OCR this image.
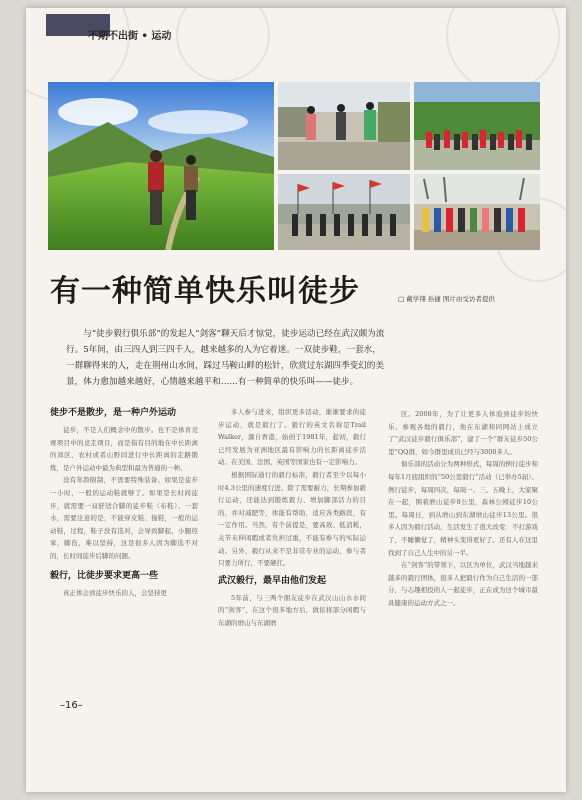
不期不出街 • 运动
有一种简单快乐叫徒步	□ 戴学翔 孙捷 图片由受访者提供
与“徒步毅行俱乐部”的发起人“剑客”聊天后才惊觉，徒步运动已经在武汉颇为流行。5年间，由三四人到三四千人，越来越多的人为它着迷。一双徒步鞋，一套水，一群聊得来的人，走在荆州山水间，踩过马鞍山畔的松针，欣赏过东湖四季变幻的美景，体力愈加越来越好，心情越来越平和……有一种简单的快乐叫——徒步。
徒步不是散步，是一种户外运动

徒步，不是人们概念中的散步。也不是体育竞赛项目中的竞走项目，而是指有目的地在中长距离的郊区、农村或者山野间进行中长距离的走路锻炼，是户外运动中最为典型和最为普通的一种。

没有年龄限制，不需要特殊装备。如果是徒步一小时，一般的运动鞋就够了。如果是长时间徒步，就需要一双舒适合脚的徒步鞋（布鞋）、一套水，需要注意的是，不能穿皮鞋、拖鞋，一般的运动鞋，过程，鞋子没有选对，会导致脚起，小腿痉挛，脚伤，难以坚持，这是很多人因为脚选不对的，长时间徒步后脚的问题。

毅行，比徒步要求更高一些

真正体会到徒步快乐的人，会坚持更

多人参与进来，组织更多活动，渐渐要求的徒步运动，就是毅行了。毅行的英文名称是Trail Walker，源自香港，始创于1981年，起初，毅行已经发展为亚洲地区最有影响力的长距离徒步活动。在美国、法国、英国等国家也有一定影响力。

根据国际通行的毅行标准，毅行者至少以每小时4.3公里的速度行进。除了需要耐力，长期参加毅行运动，还能达到锻炼毅力、增加脚部活力的目的，并对减肥等，体能有帮助，适应各类路段，有一定作用。当然，有个前提是，要高效、低消耗，关节夹伸闲暇或者负担过重，不能有参与的实际运动。另外，毅行从来不是非常专业的运动，参与者只要力所行，不要硬扛。

武汉毅行，最早由他们发起

5年前，与三两个朋友徒步在武汉山山水水间的“剑客”，在这个很多地方后，做依将部分闲暇与东湖的磨山与东湖磨

区。2008年，为了让更多人体验到徒步的快乐，参观各地的毅行，他在东湖和同网站上成立了“武汉徒步毅行俱乐部”，建了一个“群友徒步50公里”QQ群，如今群里成员已经与3000多人。

俱乐部的活动分为两种形式，每周的例行徒步和每年1月底组织的“50公里毅行”活动（已举办5届）。例行徒步，每周四次，每周一、三、五晚上，大家聚在一起，围着磨山徒步8公里，森林公园徒步10公里。每周日，到从磨山到东湖磨山徒步13公里。很多人因为毅行活动，生活发生了很大改变：不打游戏了，不睡懒觉了，精神头变得更好了。还有人在这里找到了自己人生中的另一半。

在“剑客”的带领下，以区为单位，武汉当地越来越多的毅行团体，很多人把毅行作为自己生活的一部分，与志趣相投的人一起徒步，正在成为这个城市最具健康的运动方式之一。

–16–
